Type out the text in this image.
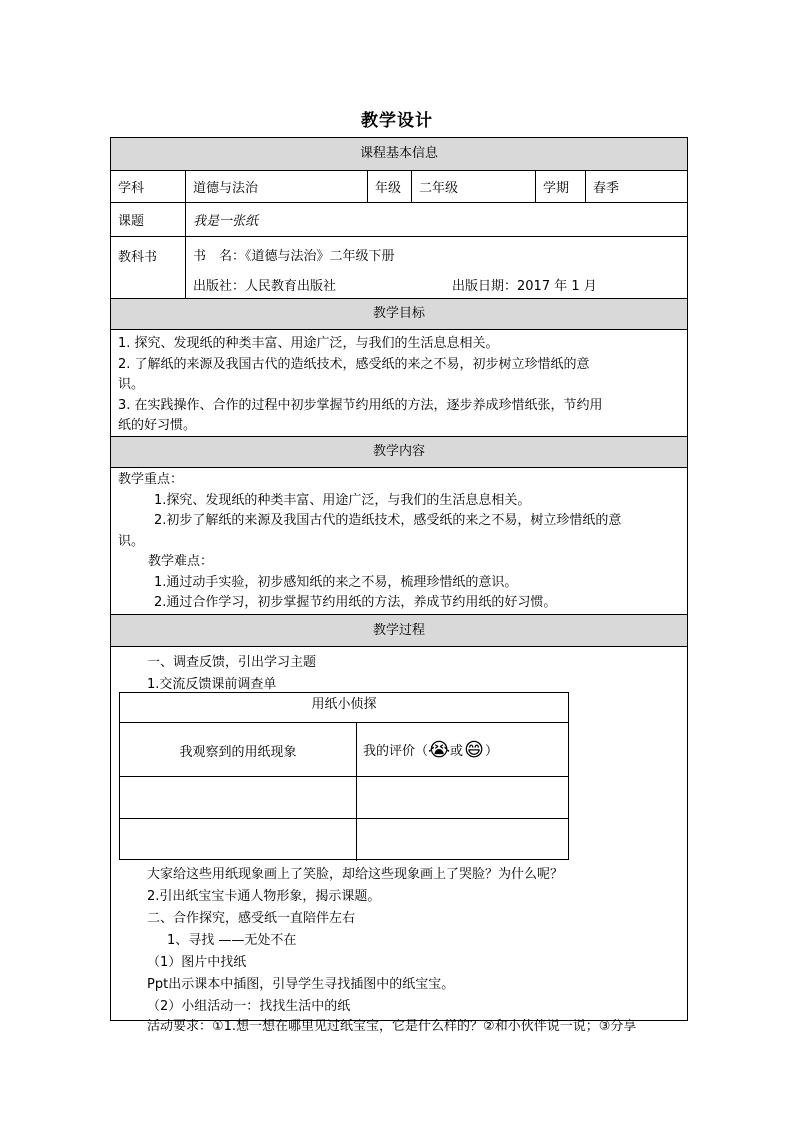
教学设计
课程基本信息
学科	道德与法治	年级	二年级	学期	春季
课题	我是一张纸
教科书	书　名：《道德与法治》二年级下册
出版社：人民教育出版社	出版日期：2017 年 1 月
教学目标

1. 探究、发现纸的种类丰富、用途广泛，与我们的生活息息相关。

2. 了解纸的来源及我国古代的造纸技术，感受纸的来之不易，初步树立珍惜纸的意

识。

3. 在实践操作、合作的过程中初步掌握节约用纸的方法，逐步养成珍惜纸张，节约用

纸的好习惯。

教学内容

教学重点：

1.探究、发现纸的种类丰富、用途广泛，与我们的生活息息相关。

2.初步了解纸的来源及我国古代的造纸技术，感受纸的来之不易，树立珍惜纸的意

识。

教学难点：

1.通过动手实验，初步感知纸的来之不易，梳理珍惜纸的意识。

2.通过合作学习，初步掌握节约用纸的方法，养成节约用纸的好习惯。

教学过程
一、调查反馈，引出学习主题
1.交流反馈课前调查单
用纸小侦探
我观察到的用纸现象	我的评价（ 😭 或 😄 ）
大家给这些用纸现象画上了笑脸，却给这些现象画上了哭脸？为什么呢？
2.引出纸宝宝卡通人物形象，揭示课题。
二、合作探究，感受纸一直陪伴左右
1、寻找 ——无处不在
（1）图片中找纸
Ppt出示课本中插图，引导学生寻找插图中的纸宝宝。
（2）小组活动一：找找生活中的纸
活动要求：①1.想一想在哪里见过纸宝宝，它是什么样的？②和小伙伴说一说；③分享
